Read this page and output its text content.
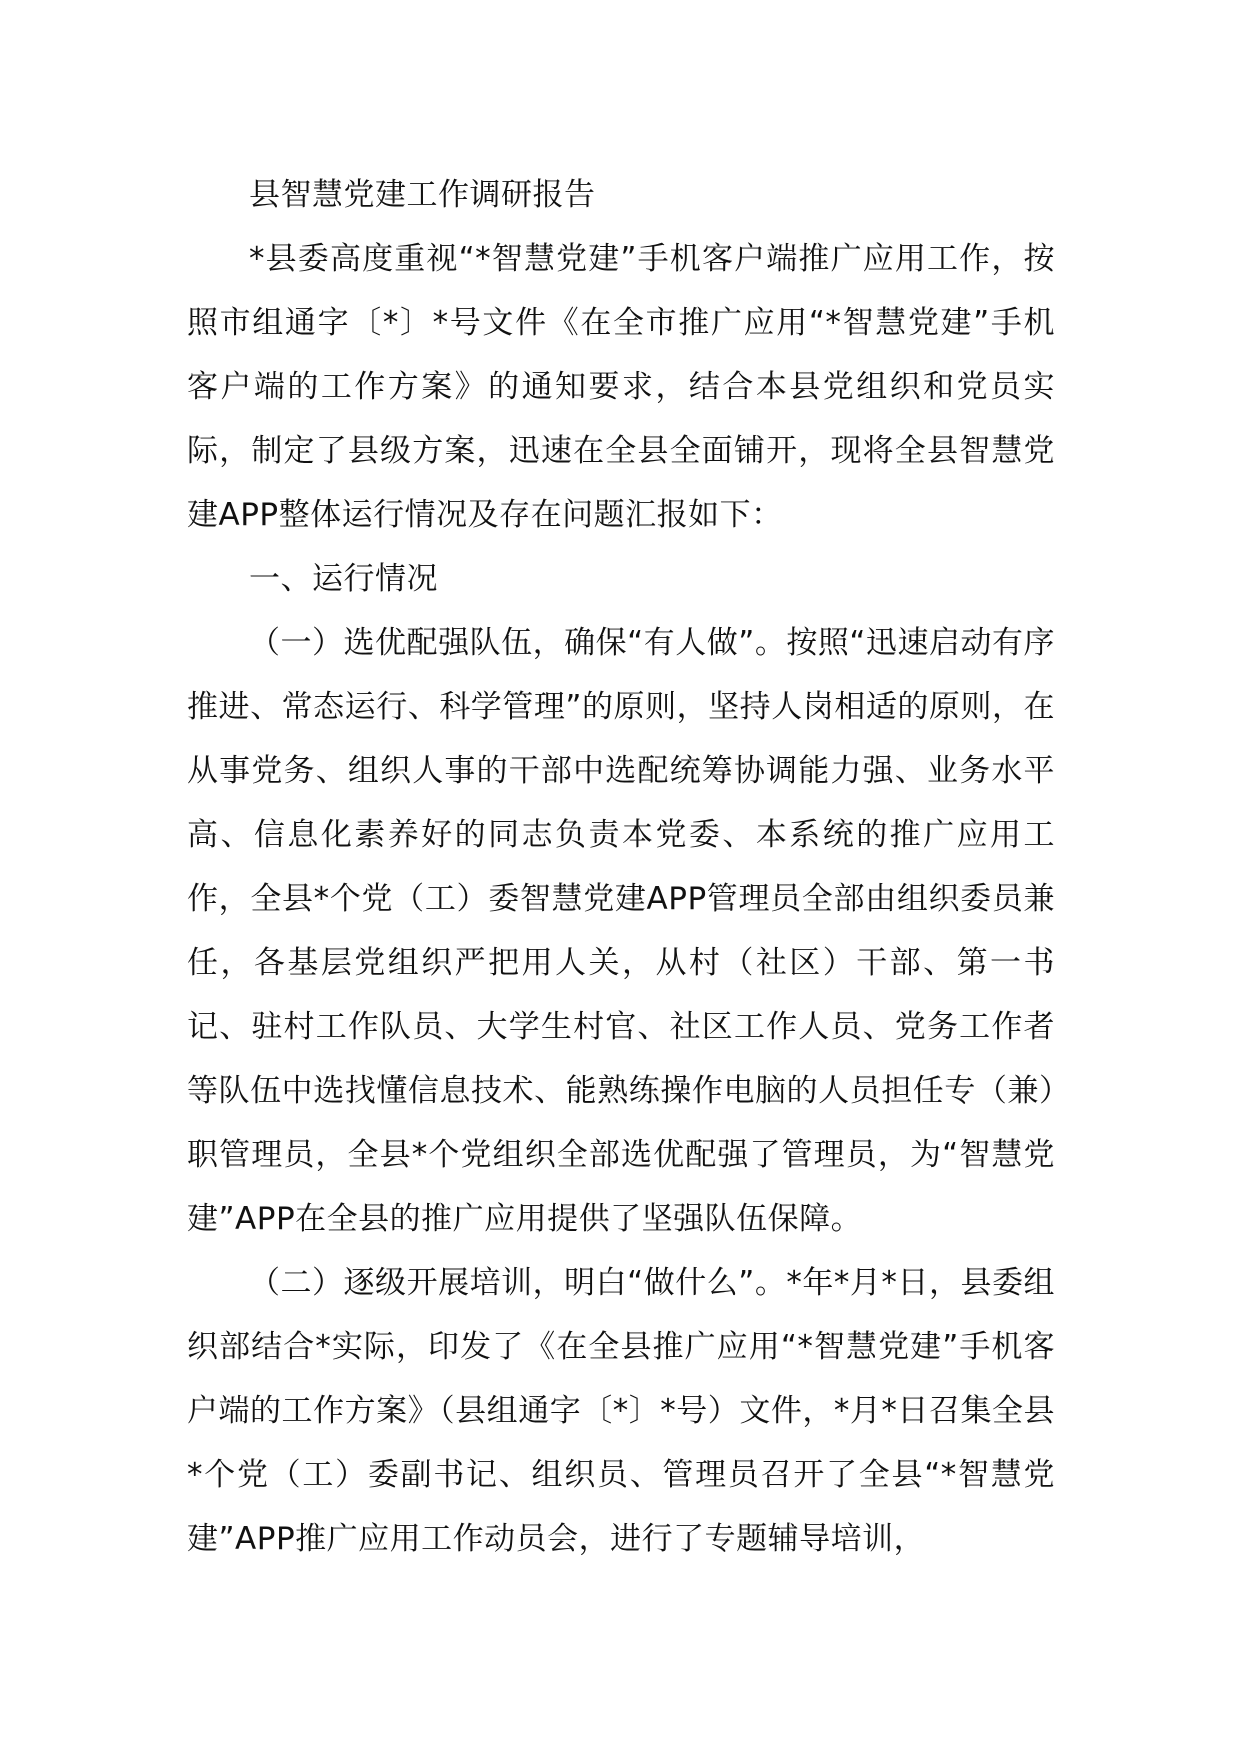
县智慧党建工作调研报告

*县委高度重视“*智慧党建”手机客户端推广应用工作，按照市组通字〔*〕*号文件《在全市推广应用“*智慧党建”手机客户端的工作方案》的通知要求，结合本县党组织和党员实际，制定了县级方案，迅速在全县全面铺开，现将全县智慧党建APP整体运行情况及存在问题汇报如下：

一、运行情况

（一）选优配强队伍，确保“有人做”。按照“迅速启动有序推进、常态运行、科学管理”的原则，坚持人岗相适的原则，在从事党务、组织人事的干部中选配统筹协调能力强、业务水平高、信息化素养好的同志负责本党委、本系统的推广应用工作，全县*个党（工）委智慧党建APP管理员全部由组织委员兼任，各基层党组织严把用人关，从村（社区）干部、第一书记、驻村工作队员、大学生村官、社区工作人员、党务工作者等队伍中选找懂信息技术、能熟练操作电脑的人员担任专（兼）职管理员，全县*个党组织全部选优配强了管理员，为“智慧党建”APP在全县的推广应用提供了坚强队伍保障。

（二）逐级开展培训，明白“做什么”。*年*月*日，县委组织部结合*实际，印发了《在全县推广应用“*智慧党建”手机客户端的工作方案》（县组通字〔*〕*号）文件，*月*日召集全县*个党（工）委副书记、组织员、管理员召开了全县“*智慧党建”APP推广应用工作动员会，进行了专题辅导培训，
